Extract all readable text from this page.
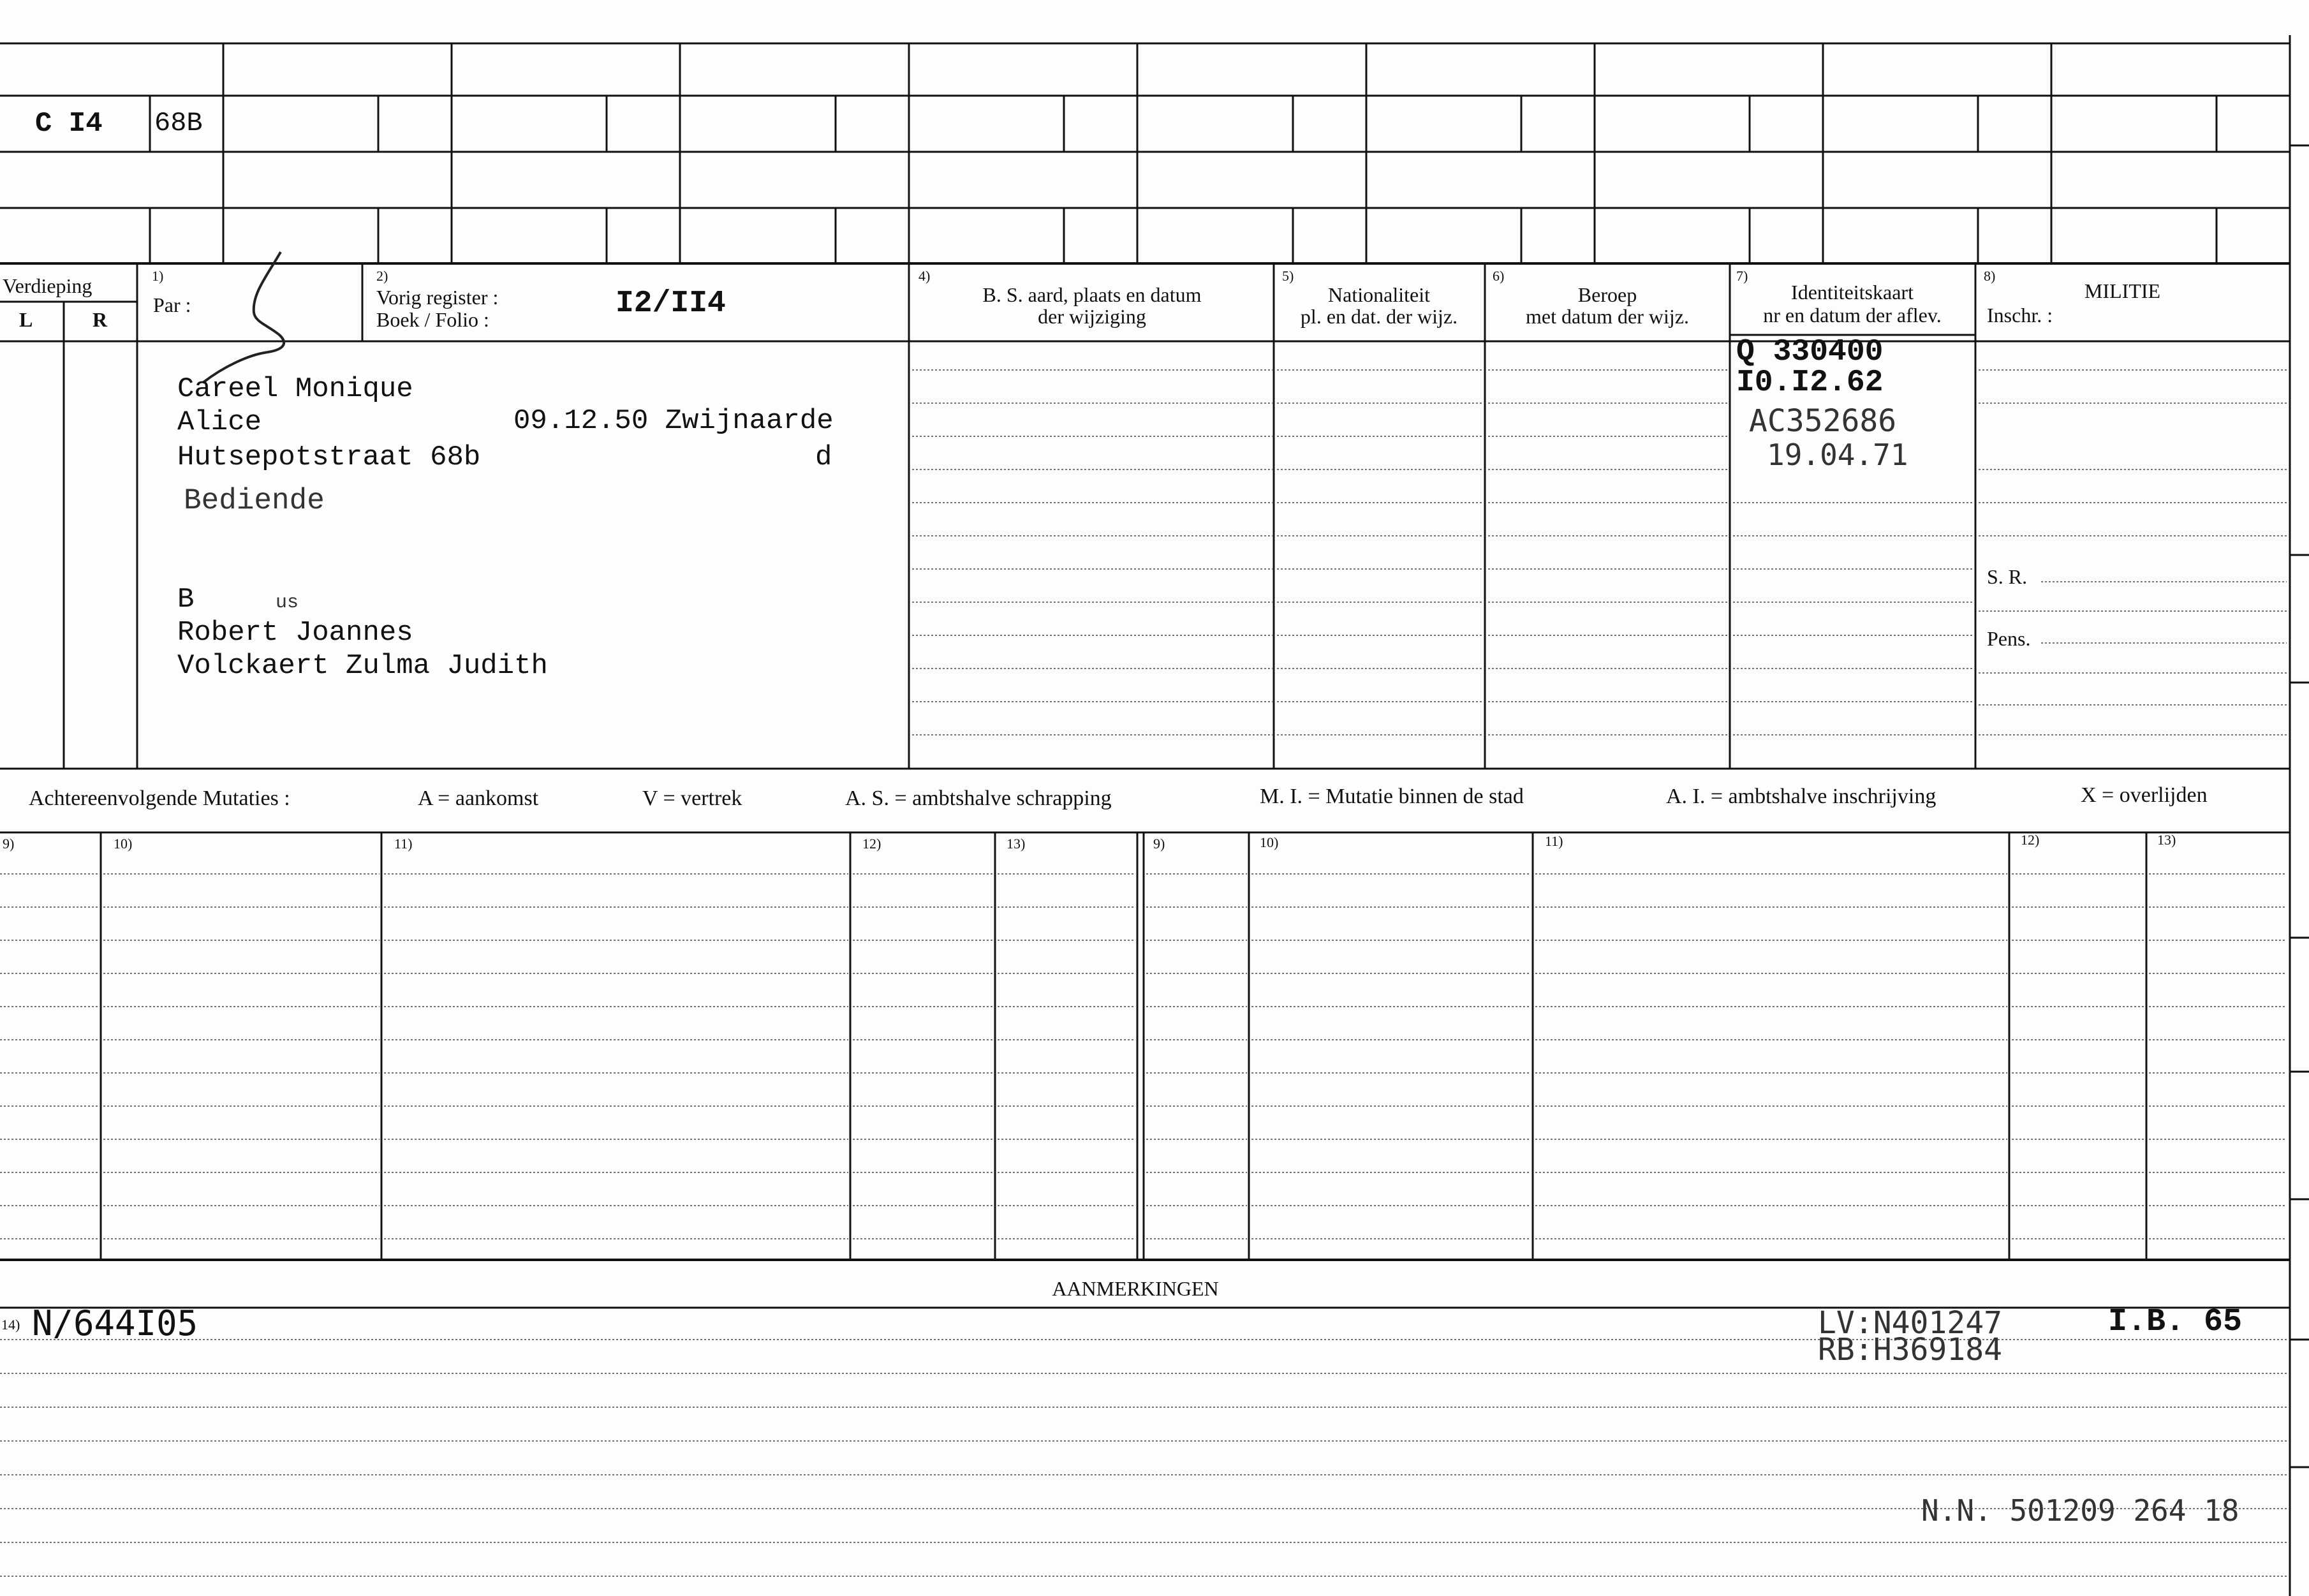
C I4 68B
Verdieping
L	R
1)
Par :
2)
Vorig register :
Boek / Folio :	I2/II4
4)
B. S. aard, plaats en datum
der wijziging
5)
Nationaliteit
pl. en dat. der wijz.
6)
Beroep
met datum der wijz.
7)
Identiteitskaart
nr en datum der aflev.
8)
MILITIE
Inschr. :
S. R.
Pens.
Careel Monique
Alice	09.12.50 Zwijnaarde
Hutsepotstraat 68b	d
Bediende
B	us
Robert Joannes
Volckaert Zulma Judith
Q 330400
I0.I2.62
AC352686
19.04.71
Achtereenvolgende Mutaties :	A = aankomst	V = vertrek	A. S. = ambtshalve schrapping	M. I. = Mutatie binnen de stad	A. I. = ambtshalve inschrijving	X = overlijden
9)	10)	11)	12)	13)	9)	10)	11)	12)	13)
AANMERKINGEN
14) N/644I05	LV:N401247
RB:H369184
I.B. 65
N.N. 501209 264 18
